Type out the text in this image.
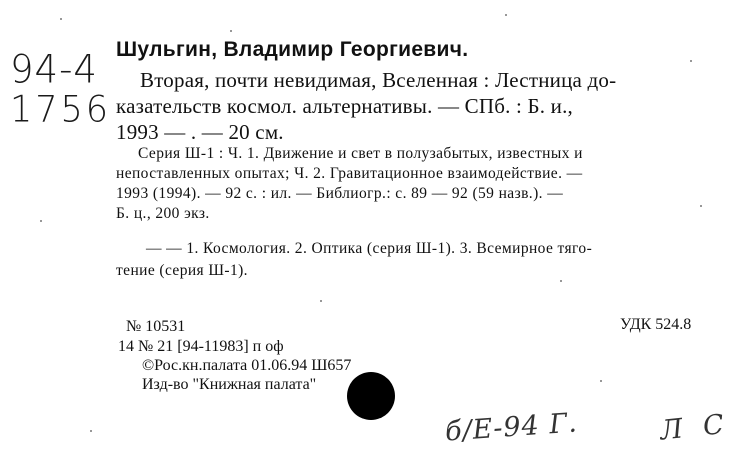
94-4
1756
Шульгин, Владимир Георгиевич.
Вторая, почти невидимая, Вселенная : Лестница до-
казательств космол. альтернативы. — СПб. : Б. и.,
1993 — . — 20 см.
Серия Ш-1 : Ч. 1. Движение и свет в полузабытых, известных и
непоставленных опытах; Ч. 2. Гравитационное взаимодействие. —
1993 (1994). — 92 с. : ил. — Библиогр.: с. 89 — 92 (59 назв.). —
Б. ц., 200 экз.
— — 1. Космология. 2. Оптика (серия Ш-1). 3. Всемирное тяго-
тение (серия Ш-1).
№ 10531	УДК 524.8
14 № 21 [94-11983] п оф
©Рос.кн.палата 01.06.94 Ш657
Изд-во "Книжная палата"
б/Е-94 Г.	Л С
